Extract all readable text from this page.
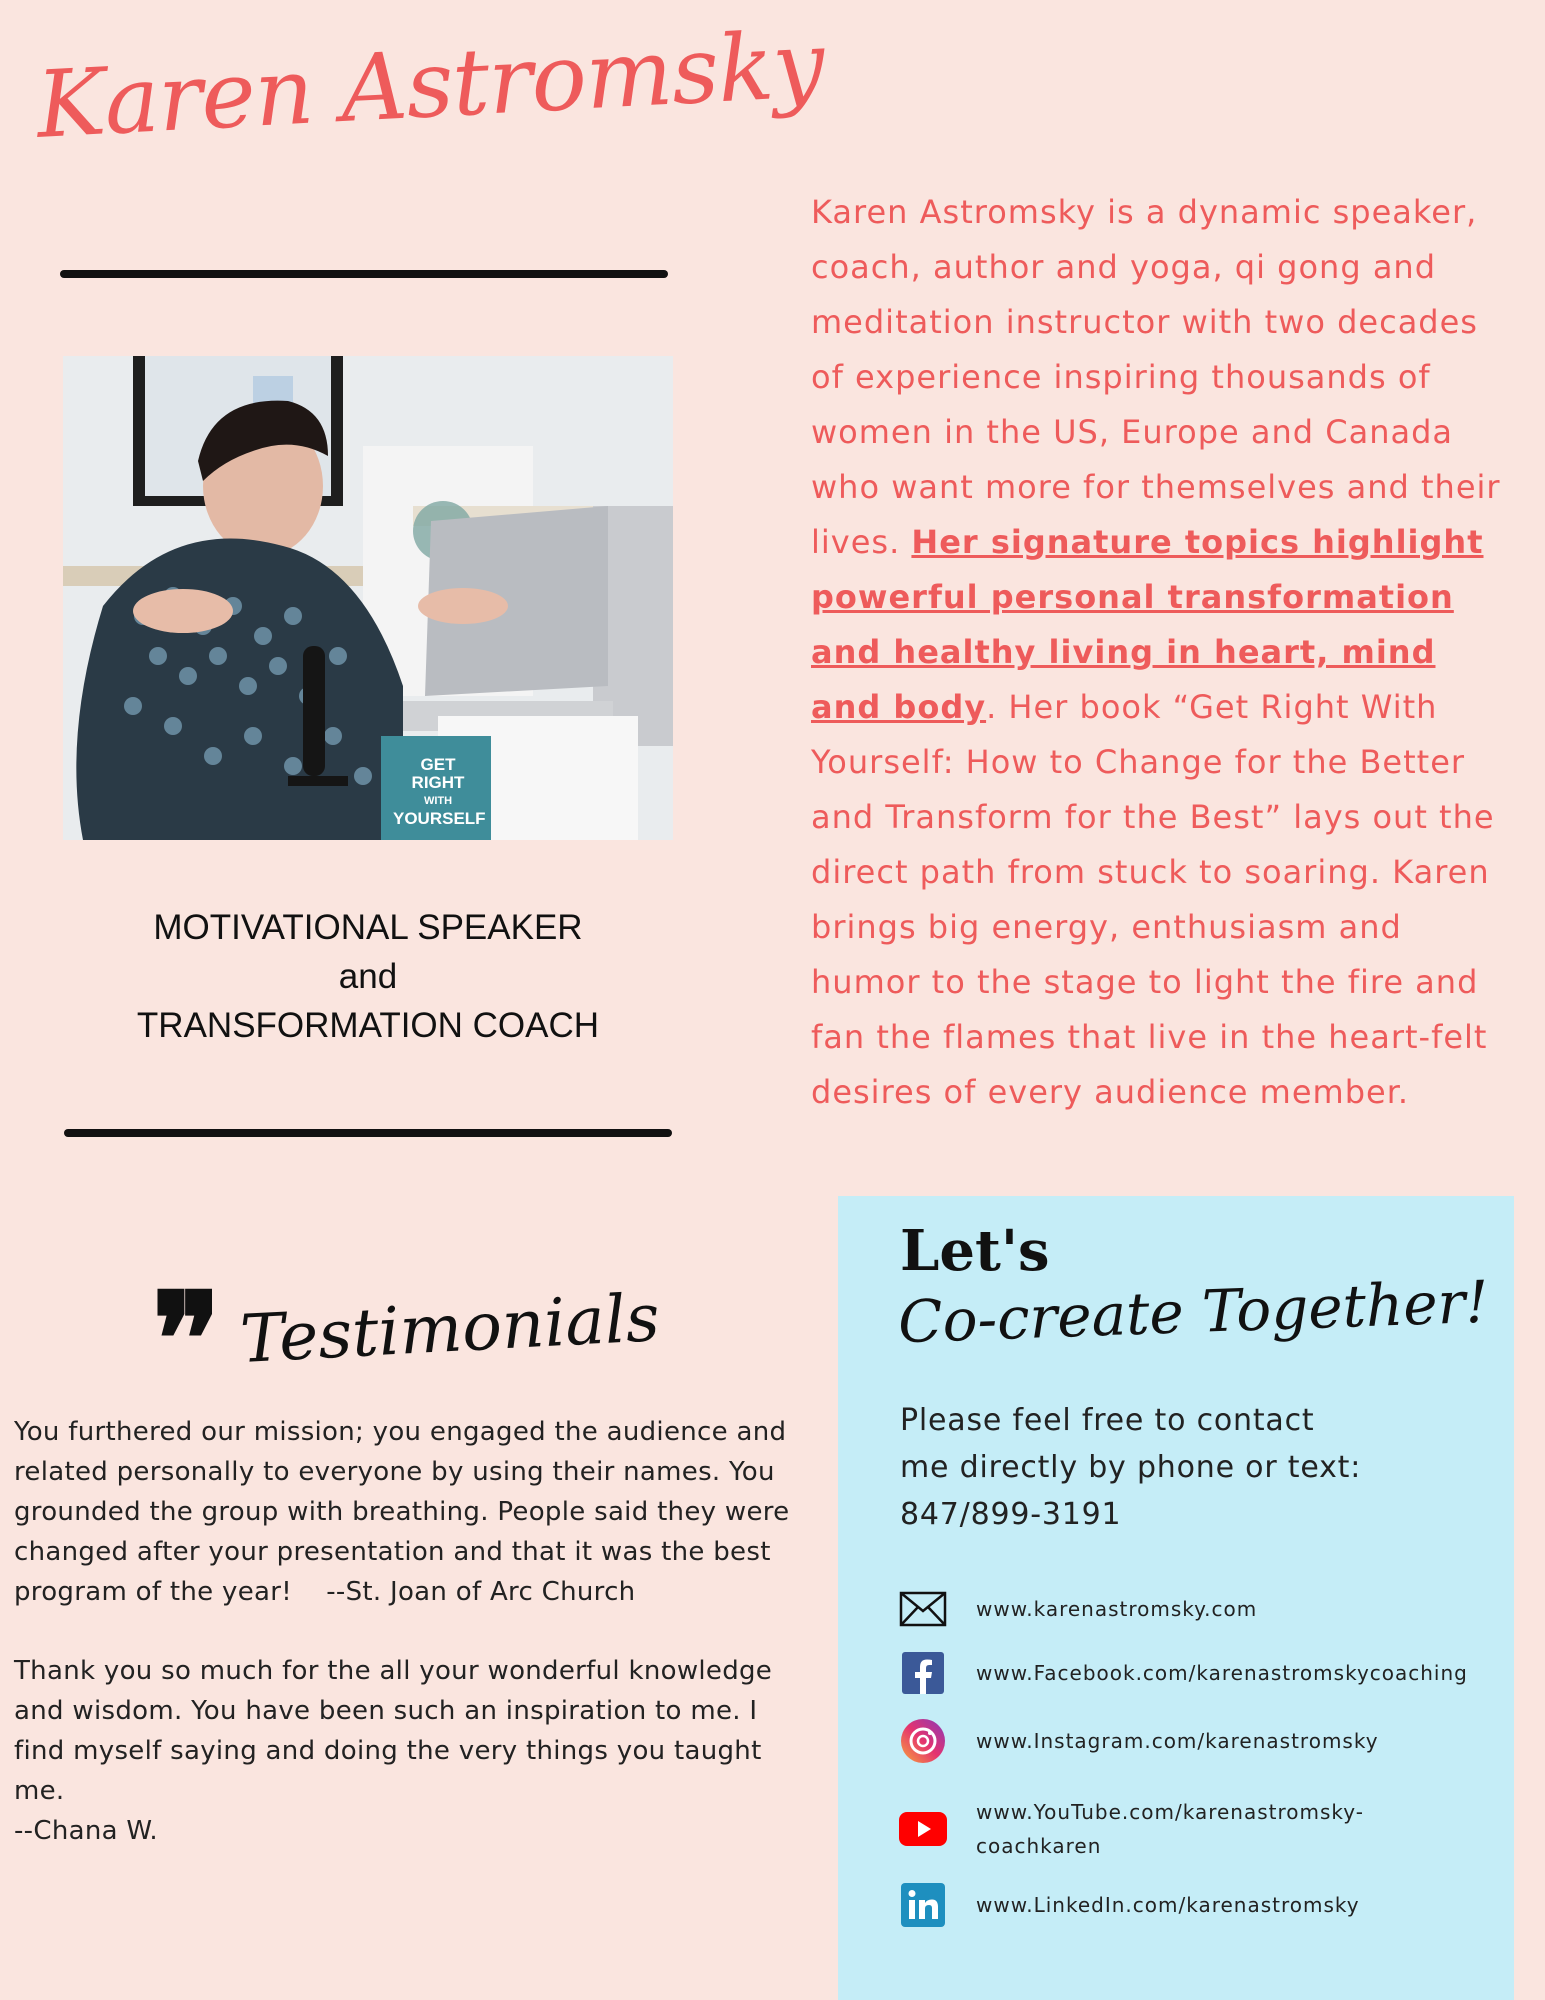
Karen Astromsky
GET RIGHT
WITH
YOURSELF
MOTIVATIONAL SPEAKER
and
TRANSFORMATION COACH
Karen Astromsky is a dynamic speaker, coach, author and yoga, qi gong and meditation instructor with two decades of experience inspiring thousands of women in the US, Europe and Canada who want more for themselves and their lives. Her signature topics highlight powerful personal transformation and healthy living in heart, mind and body. Her book “Get Right With Yourself: How to Change for the Better and Transform for the Best” lays out the direct path from stuck to soaring. Karen brings big energy, enthusiasm and humor to the stage to light the fire and fan the flames that live in the heart-felt desires of every audience member.
❞ Testimonials
You furthered our mission; you engaged the audience and related personally to everyone by using their names. You grounded the group with breathing. People said they were changed after your presentation and that it was the best program of the year! --St. Joan of Arc Church
Thank you so much for the all your wonderful knowledge and wisdom. You have been such an inspiration to me. I find myself saying and doing the very things you taught me.
--Chana W.
Let's
Co-create Together!
Please feel free to contact
me directly by phone or text:
847/899-3191
www.karenastromsky.com
www.Facebook.com/karenastromskycoaching
www.Instagram.com/karenastromsky
www.YouTube.com/karenastromsky-
coachkaren
www.LinkedIn.com/karenastromsky
